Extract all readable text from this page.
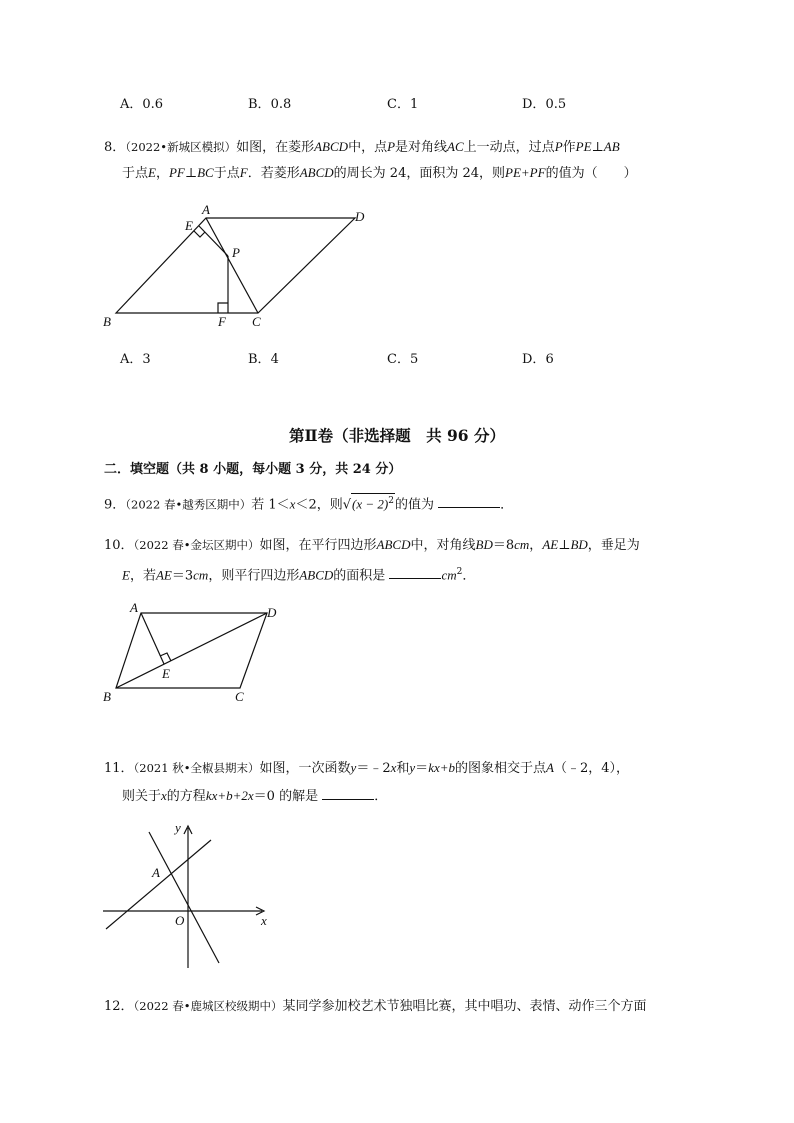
A．0.6	B．0.8	C．1	D．0.5
8．（2022•新城区模拟）如图，在菱形ABCD中，点P是对角线AC上一动点，过点P作PE⊥AB
于点E，PF⊥BC于点F．若菱形ABCD的周长为 24，面积为 24，则PE+PF的值为（　　）
A	D
E
P
B	F C
A	D
E
B	C
y
x
O
A
A．3	B．4	C．5	D．6
第Ⅱ卷（非选择题　共 96 分）
二．填空题（共 8 小题，每小题 3 分，共 24 分）
9．（2022 春•越秀区期中）若 1＜x＜2，则$√(x - 2)^2$的值为	．
10．（2022 春•金坛区期中）如图，在平行四边形ABCD中，对角线BD＝8cm，AE⊥BD，垂足为
E，若AE＝3cm，则平行四边形ABCD的面积是	$cm^2$．
11．（2021 秋•全椒县期末）如图，一次函数y＝﹣2x和y＝kx+b的图象相交于点A（﹣2，4），
则关于x的方程kx+b+2x＝0 的解是	．
12．（2022 春•鹿城区校级期中）某同学参加校艺术节独唱比赛，其中唱功、表情、动作三个方面
